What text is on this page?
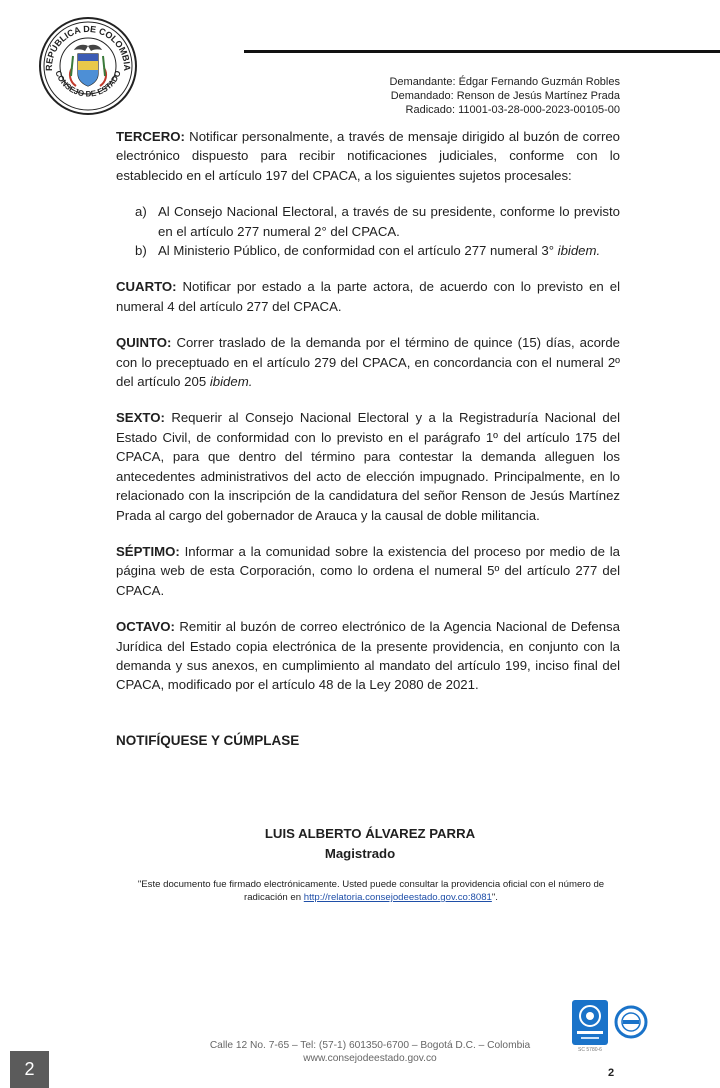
REPÚBLICA DE COLOMBIA
CONSEJO DE ESTADO
Demandante: Édgar Fernando Guzmán Robles
Demandado: Renson de Jesús Martínez Prada
Radicado: 11001-03-28-000-2023-00105-00

TERCERO: Notificar personalmente, a través de mensaje dirigido al buzón de correo electrónico dispuesto para recibir notificaciones judiciales, conforme con lo establecido en el artículo 197 del CPACA, a los siguientes sujetos procesales:

a) Al Consejo Nacional Electoral, a través de su presidente, conforme lo previsto en el artículo 277 numeral 2° del CPACA.
b) Al Ministerio Público, de conformidad con el artículo 277 numeral 3° ibidem.

CUARTO: Notificar por estado a la parte actora, de acuerdo con lo previsto en el numeral 4 del artículo 277 del CPACA.

QUINTO: Correr traslado de la demanda por el término de quince (15) días, acorde con lo preceptuado en el artículo 279 del CPACA, en concordancia con el numeral 2º del artículo 205 ibidem.

SEXTO: Requerir al Consejo Nacional Electoral y a la Registraduría Nacional del Estado Civil, de conformidad con lo previsto en el parágrafo 1º del artículo 175 del CPACA, para que dentro del término para contestar la demanda alleguen los antecedentes administrativos del acto de elección impugnado. Principalmente, en lo relacionado con la inscripción de la candidatura del señor Renson de Jesús Martínez Prada al cargo del gobernador de Arauca y la causal de doble militancia.

SÉPTIMO: Informar a la comunidad sobre la existencia del proceso por medio de la página web de esta Corporación, como lo ordena el numeral 5º del artículo 277 del CPACA.

OCTAVO: Remitir al buzón de correo electrónico de la Agencia Nacional de Defensa Jurídica del Estado copia electrónica de la presente providencia, en conjunto con la demanda y sus anexos, en cumplimiento al mandato del artículo 199, inciso final del CPACA, modificado por el artículo 48 de la Ley 2080 de 2021.

NOTIFÍQUESE Y CÚMPLASE
LUIS ALBERTO ÁLVAREZ PARRA
Magistrado
"Este documento fue firmado electrónicamente. Usted puede consultar la providencia oficial con el número de radicación en http://relatoria.consejodeestado.gov.co:8081".
SC 5780-6
Calle 12 No. 7-65 – Tel: (57-1) 601350-6700 – Bogotá D.C. – Colombia
www.consejodeestado.gov.co
2	2
